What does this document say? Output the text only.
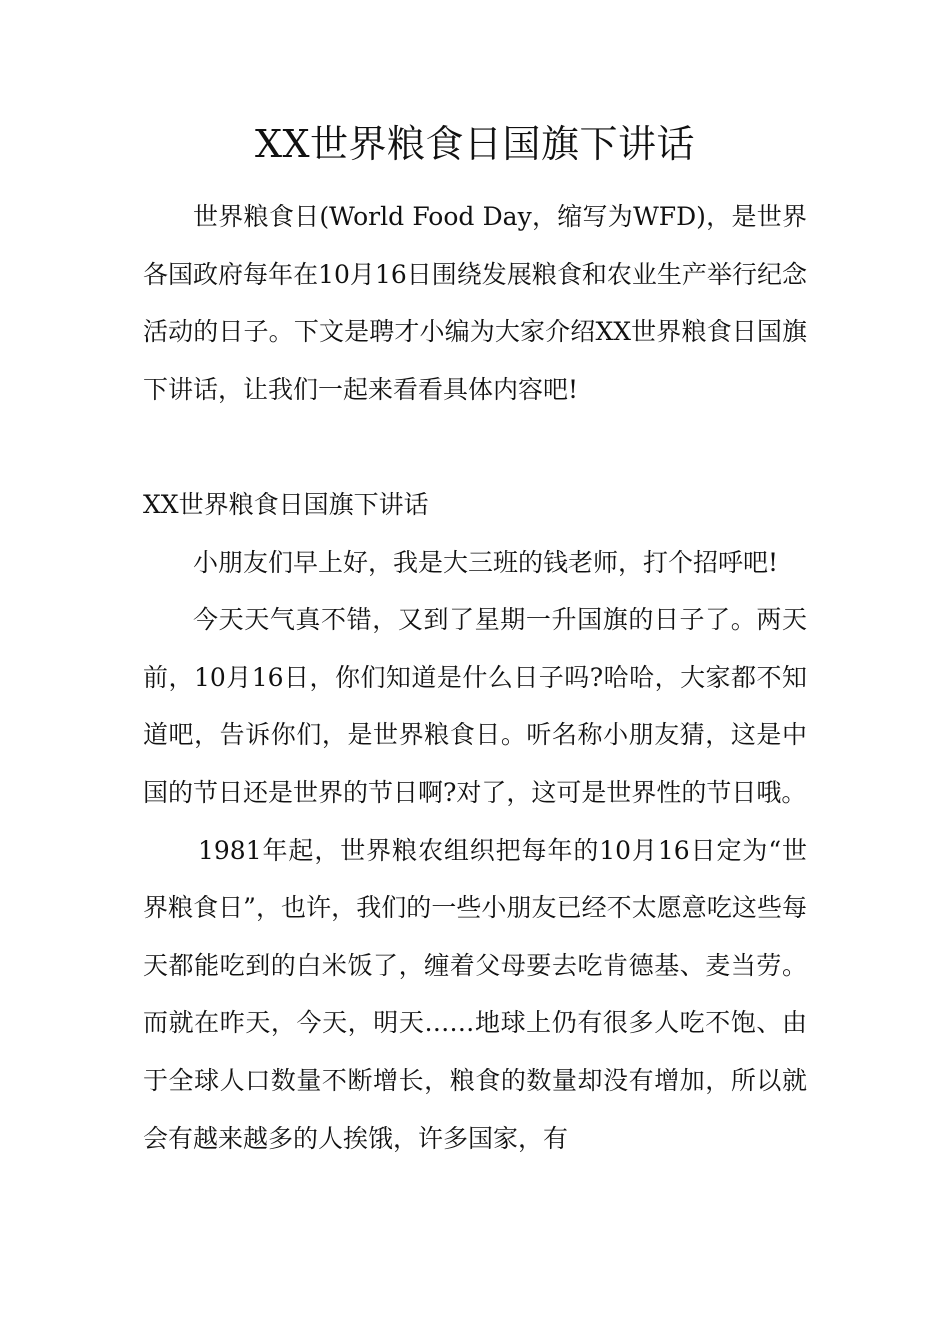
XX世界粮食日国旗下讲话

世界粮食日(World Food Day，缩写为WFD)，是世界各国政府每年在10月16日围绕发展粮食和农业生产举行纪念活动的日子。下文是聘才小编为大家介绍XX世界粮食日国旗下讲话，让我们一起来看看具体内容吧!

XX世界粮食日国旗下讲话

小朋友们早上好，我是大三班的钱老师，打个招呼吧!

今天天气真不错，又到了星期一升国旗的日子了。两天前，10月16日，你们知道是什么日子吗?哈哈，大家都不知道吧，告诉你们，是世界粮食日。听名称小朋友猜，这是中国的节日还是世界的节日啊?对了，这可是世界性的节日哦。

1981年起，世界粮农组织把每年的10月16日定为“世界粮食日”，也许，我们的一些小朋友已经不太愿意吃这些每天都能吃到的白米饭了，缠着父母要去吃肯德基、麦当劳。而就在昨天，今天，明天……地球上仍有很多人吃不饱、由于全球人口数量不断增长，粮食的数量却没有增加，所以就会有越来越多的人挨饿，许多国家，有
